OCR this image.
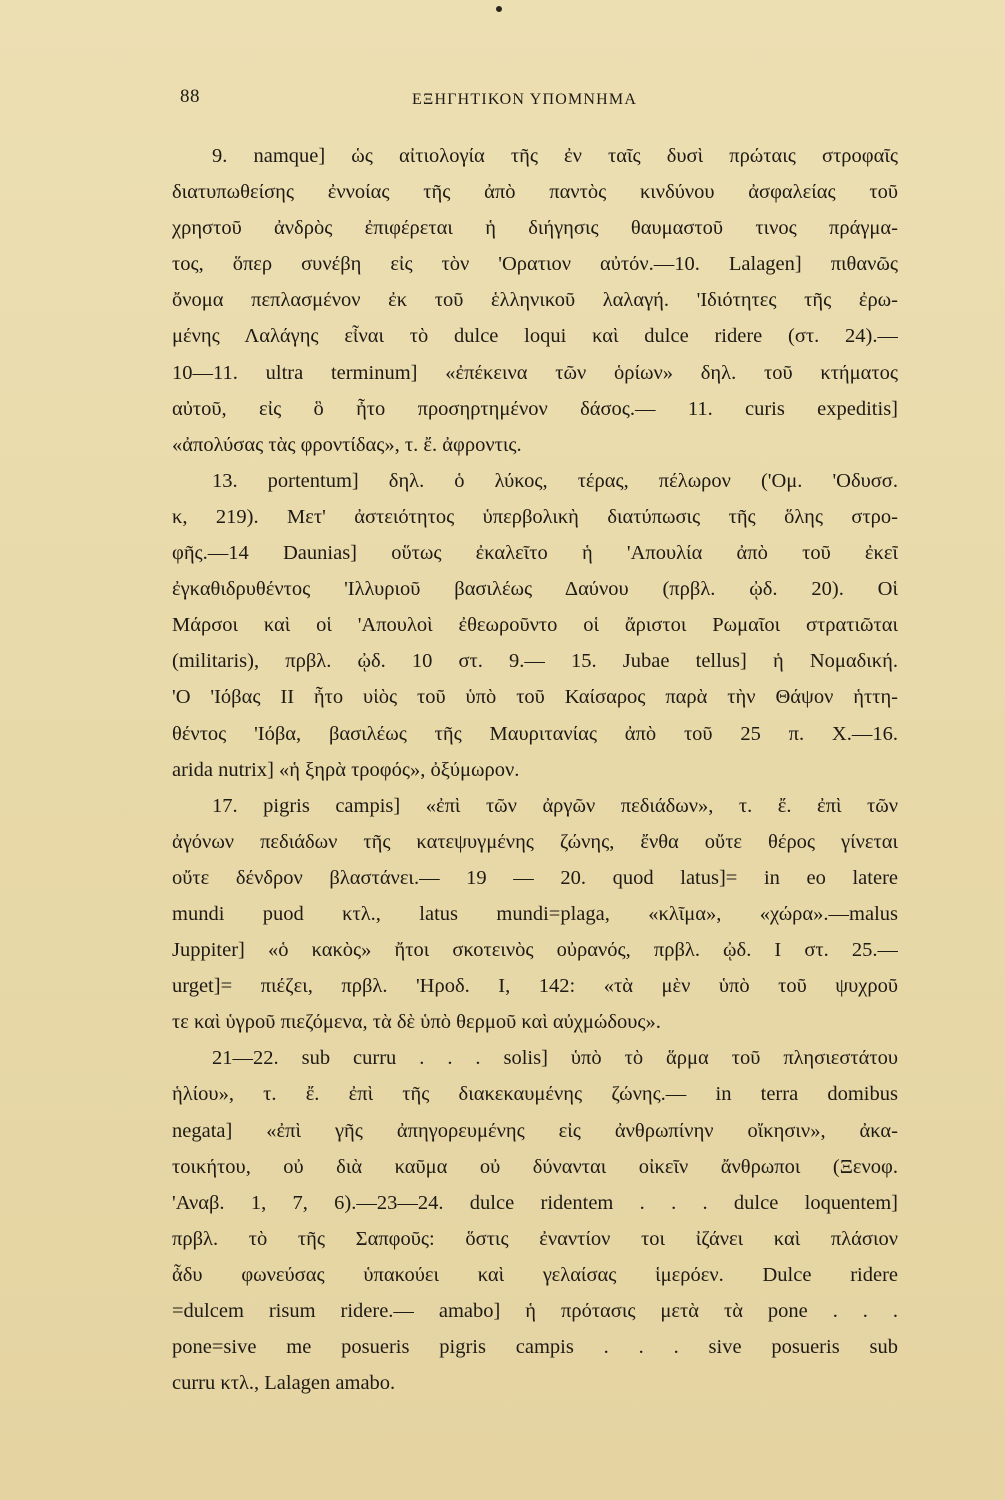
88	ΕΞΗΓΗΤΙΚΟΝ ΥΠΟΜΝΗΜΑ
9. namque] ὡς αἰτιολογία τῆς ἐν ταῖς δυσὶ πρώταις στροφαῖς
διατυπωθείσης ἐννοίας τῆς ἀπὸ παντὸς κινδύνου ἀσφαλείας τοῦ
χρηστοῦ ἀνδρὸς ἐπιφέρεται ἡ διήγησις θαυμαστοῦ τινος πράγμα-
τος, ὅπερ συνέβη εἰς τὸν 'Ορατιον αὐτόν.—10. Lalagen] πιθανῶς
ὄνομα πεπλασμένον ἐκ τοῦ ἑλληνικοῦ λαλαγή. 'Ιδιότητες τῆς ἐρω-
μένης Λαλάγης εἶναι τὸ dulce loqui καὶ dulce ridere (στ. 24).—
10—11. ultra terminum] «ἐπέκεινα τῶν ὁρίων» δηλ. τοῦ κτήματος
αὐτοῦ, εἰς ὃ ἦτο προσηρτημένον δάσος.— 11. curis expeditis]
«ἀπολύσας τὰς φροντίδας», τ. ἔ. ἀφροντις.
13. portentum] δηλ. ὁ λύκος, τέρας, πέλωρον ('Ομ. 'Οδυσσ.
κ, 219). Μετ' ἀστειότητος ὑπερβολικὴ διατύπωσις τῆς ὅλης στρο-
φῆς.—14 Daunias] οὕτως ἐκαλεῖτο ἡ 'Απουλία ἀπὸ τοῦ ἐκεῖ
ἐγκαθιδρυθέντος 'Ιλλυριοῦ βασιλέως Δαύνου (πρβλ. ᾠδ. 20). Οἱ
Μάρσοι καὶ οἱ 'Απουλοὶ ἐθεωροῦντο οἱ ἄριστοι Ρωμαῖοι στρατιῶται
(militaris), πρβλ. ᾠδ. 10 στ. 9.— 15. Jubae tellus] ἡ Νομαδική.
'Ο 'Ιόβας II ἦτο υἱὸς τοῦ ὑπὸ τοῦ Καίσαρος παρὰ τὴν Θάψον ἡττη-
θέντος 'Ιόβα, βασιλέως τῆς Μαυριτανίας ἀπὸ τοῦ 25 π. Χ.—16.
arida nutrix] «ἡ ξηρὰ τροφός», ὀξύμωρον.
17. pigris campis] «ἐπὶ τῶν ἀργῶν πεδιάδων», τ. ἔ. ἐπὶ τῶν
ἀγόνων πεδιάδων τῆς κατεψυγμένης ζώνης, ἔνθα οὔτε θέρος γίνεται
οὔτε δένδρον βλαστάνει.— 19 — 20. quod latus]= in eo latere
mundi puod κτλ., latus mundi=plaga, «κλῖμα», «χώρα».—malus
Juppiter] «ὁ κακὸς» ἤτοι σκοτεινὸς οὐρανός, πρβλ. ᾠδ. I στ. 25.—
urget]= πιέζει, πρβλ. 'Ηροδ. I, 142: «τὰ μὲν ὑπὸ τοῦ ψυχροῦ
τε καὶ ὑγροῦ πιεζόμενα, τὰ δὲ ὑπὸ θερμοῦ καὶ αὐχμώδους».
21—22. sub curru . . . solis] ὑπὸ τὸ ἅρμα τοῦ πλησιεστάτου
ἡλίου», τ. ἔ. ἐπὶ τῆς διακεκαυμένης ζώνης.— in terra domibus
negata] «ἐπὶ γῆς ἀπηγορευμένης εἰς ἀνθρωπίνην οἴκησιν», ἀκα-
τοικήτου, οὐ διὰ καῦμα οὐ δύνανται οἰκεῖν ἄνθρωποι (Ξενοφ.
'Αναβ. 1, 7, 6).—23—24. dulce ridentem . . . dulce loquentem]
πρβλ. τὸ τῆς Σαπφοῦς: ὅστις ἐναντίον τοι ἰζάνει καὶ πλάσιον
ἆδυ φωνεύσας ὑπακούει καὶ γελαίσας ἱμερόεν. Dulce ridere
=dulcem risum ridere.— amabo] ἡ πρότασις μετὰ τὰ pone . . .
pone=sive me posueris pigris campis . . . sive posueris sub
curru κτλ., Lalagen amabo.
